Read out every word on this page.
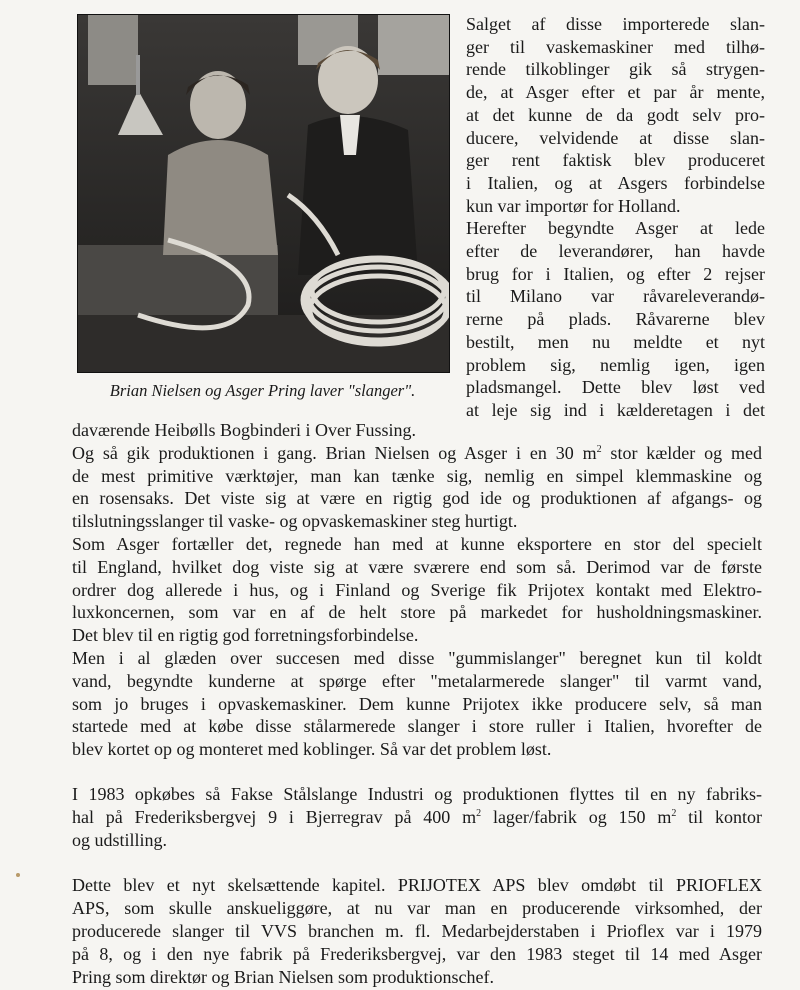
Brian Nielsen og Asger Pring laver "slanger".
Salget af disse importerede slan-
ger til vaskemaskiner med tilhø-
rende tilkoblinger gik så strygen-
de, at Asger efter et par år mente,
at det kunne de da godt selv pro-
ducere, velvidende at disse slan-
ger rent faktisk blev produceret
i Italien, og at Asgers forbindelse
kun var importør for Holland.
Herefter begyndte Asger at lede
efter de leverandører, han havde
brug for i Italien, og efter 2 rejser
til Milano var råvareleverandø-
rerne på plads. Råvarerne blev
bestilt, men nu meldte et nyt
problem sig, nemlig igen, igen
pladsmangel. Dette blev løst ved
at leje sig ind i kælderetagen i det
daværende Heibølls Bogbinderi i Over Fussing.
Og så gik produktionen i gang. Brian Nielsen og Asger i en 30 $m^2$ stor kælder og med
de mest primitive værktøjer, man kan tænke sig, nemlig en simpel klemmaskine og
en rosensaks. Det viste sig at være en rigtig god ide og produktionen af afgangs- og
tilslutningsslanger til vaske- og opvaskemaskiner steg hurtigt.
Som Asger fortæller det, regnede han med at kunne eksportere en stor del specielt
til England, hvilket dog viste sig at være sværere end som så. Derimod var de første
ordrer dog allerede i hus, og i Finland og Sverige fik Prijotex kontakt med Elektro-
luxkoncernen, som var en af de helt store på markedet for husholdningsmaskiner.
Det blev til en rigtig god forretningsforbindelse.
Men i al glæden over succesen med disse "gummislanger" beregnet kun til koldt
vand, begyndte kunderne at spørge efter "metalarmerede slanger" til varmt vand,
som jo bruges i opvaskemaskiner. Dem kunne Prijotex ikke producere selv, så man
startede med at købe disse stålarmerede slanger i store ruller i Italien, hvorefter de
blev kortet op og monteret med koblinger. Så var det problem løst.
I 1983 opkøbes så Fakse Stålslange Industri og produktionen flyttes til en ny fabriks-
hal på Frederiksbergvej 9 i Bjerregrav på 400 $m^2$ lager/fabrik og 150 $m^2$ til kontor
og udstilling.
Dette blev et nyt skelsættende kapitel. PRIJOTEX APS blev omdøbt til PRIOFLEX
APS, som skulle anskueliggøre, at nu var man en producerende virksomhed, der
producerede slanger til VVS branchen m. fl. Medarbejderstaben i Prioflex var i 1979
på 8, og i den nye fabrik på Frederiksbergvej, var den 1983 steget til 14 med Asger
Pring som direktør og Brian Nielsen som produktionschef.
